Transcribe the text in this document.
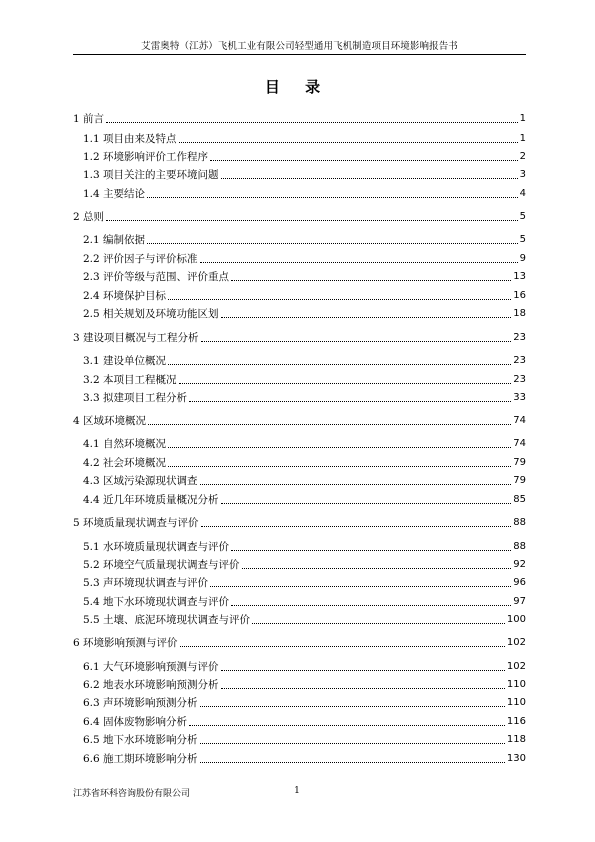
艾雷奥特（江苏）飞机工业有限公司轻型通用飞机制造项目环境影响报告书
目 录
1 前言	1
1.1 项目由来及特点	1
1.2 环境影响评价工作程序	2
1.3 项目关注的主要环境问题	3
1.4 主要结论	4
2 总则	5
2.1 编制依据	5
2.2 评价因子与评价标准	9
2.3 评价等级与范围、评价重点	13
2.4 环境保护目标	16
2.5 相关规划及环境功能区划	18
3 建设项目概况与工程分析	23
3.1 建设单位概况	23
3.2 本项目工程概况	23
3.3 拟建项目工程分析	33
4 区域环境概况	74
4.1 自然环境概况	74
4.2 社会环境概况	79
4.3 区域污染源现状调查	79
4.4 近几年环境质量概况分析	85
5 环境质量现状调查与评价	88
5.1 水环境质量现状调查与评价	88
5.2 环境空气质量现状调查与评价	92
5.3 声环境现状调查与评价	96
5.4 地下水环境现状调查与评价	97
5.5 土壤、底泥环境现状调查与评价	100
6 环境影响预测与评价	102
6.1 大气环境影响预测与评价	102
6.2 地表水环境影响预测分析	110
6.3 声环境影响预测分析	110
6.4 固体废物影响分析	116
6.5 地下水环境影响分析	118
6.6 施工期环境影响分析	130
江苏省环科咨询股份有限公司	1
